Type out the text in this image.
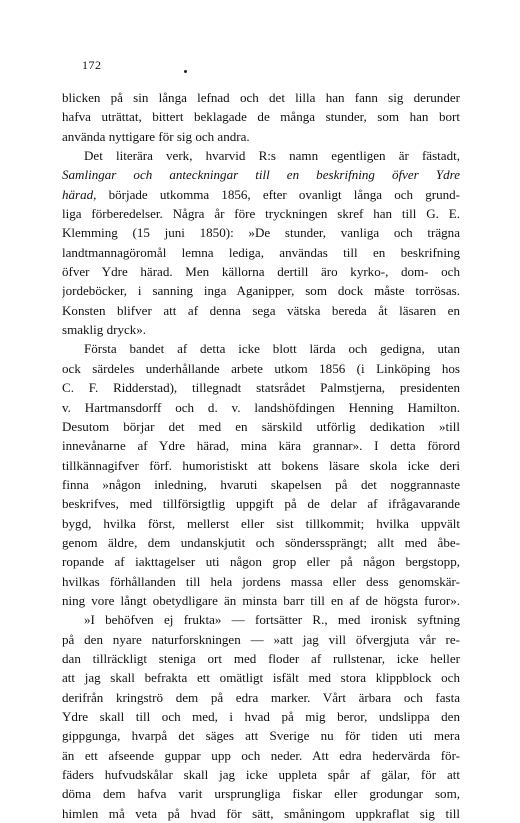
172
blicken på sin långa lefnad och det lilla han fann sig derunder
hafva uträttat, bittert beklagade de många stunder, som han bort
använda nyttigare för sig och andra.
Det literära verk, hvarvid R:s namn egentligen är fästadt,
Samlingar och anteckningar till en beskrifning öfver Ydre
härad, började utkomma 1856, efter ovanligt långa och grund-
liga förberedelser. Några år före tryckningen skref han till G. E.
Klemming (15 juni 1850): »De stunder, vanliga och trägna
landtmannagöromål lemna lediga, användas till en beskrifning
öfver Ydre härad. Men källorna dertill äro kyrko-, dom- och
jordeböcker, i sanning inga Aganipper, som dock måste torrösas.
Konsten blifver att af denna sega vätska bereda åt läsaren en
smaklig dryck».
Första bandet af detta icke blott lärda och gedigna, utan
ock särdeles underhållande arbete utkom 1856 (i Linköping hos
C. F. Ridderstad), tillegnadt statsrådet Palmstjerna, presidenten
v. Hartmansdorff och d. v. landshöfdingen Henning Hamilton.
Desutom börjar det med en särskild utförlig dedikation »till
innevånarne af Ydre härad, mina kära grannar». I detta förord
tillkännagifver förf. humoristiskt att bokens läsare skola icke deri
finna »någon inledning, hvaruti skapelsen på det noggrannaste
beskrifves, med tillförsigtlig uppgift på de delar af ifrågavarande
bygd, hvilka först, mellerst eller sist tillkommit; hvilka uppvält
genom äldre, dem undanskjutit och sönderssprängt; allt med åbe-
ropande af iakttagelser uti någon grop eller på någon bergstopp,
hvilkas förhållanden till hela jordens massa eller dess genomskär-
ning vore långt obetydligare än minsta barr till en af de högsta furor».
»I behöfven ej frukta» — fortsätter R., med ironisk syftning
på den nyare naturforskningen — »att jag vill öfvergjuta vår re-
dan tillräckligt steniga ort med floder af rullstenar, icke heller
att jag skall befrakta ett omätligt isfält med stora klippblock och
derifrån kringströ dem på edra marker. Vårt ärbara och fasta
Ydre skall till och med, i hvad på mig beror, undslippa den
gippgunga, hvarpå det säges att Sverige nu för tiden uti mera
än ett afseende guppar upp och neder. Att edra hedervärda för-
fäders hufvudskålar skall jag icke uppleta spår af gälar, för att
döma dem hafva varit ursprungliga fiskar eller grodungar som,
himlen må veta på hvad för sätt, småningom uppkraflat sig till
